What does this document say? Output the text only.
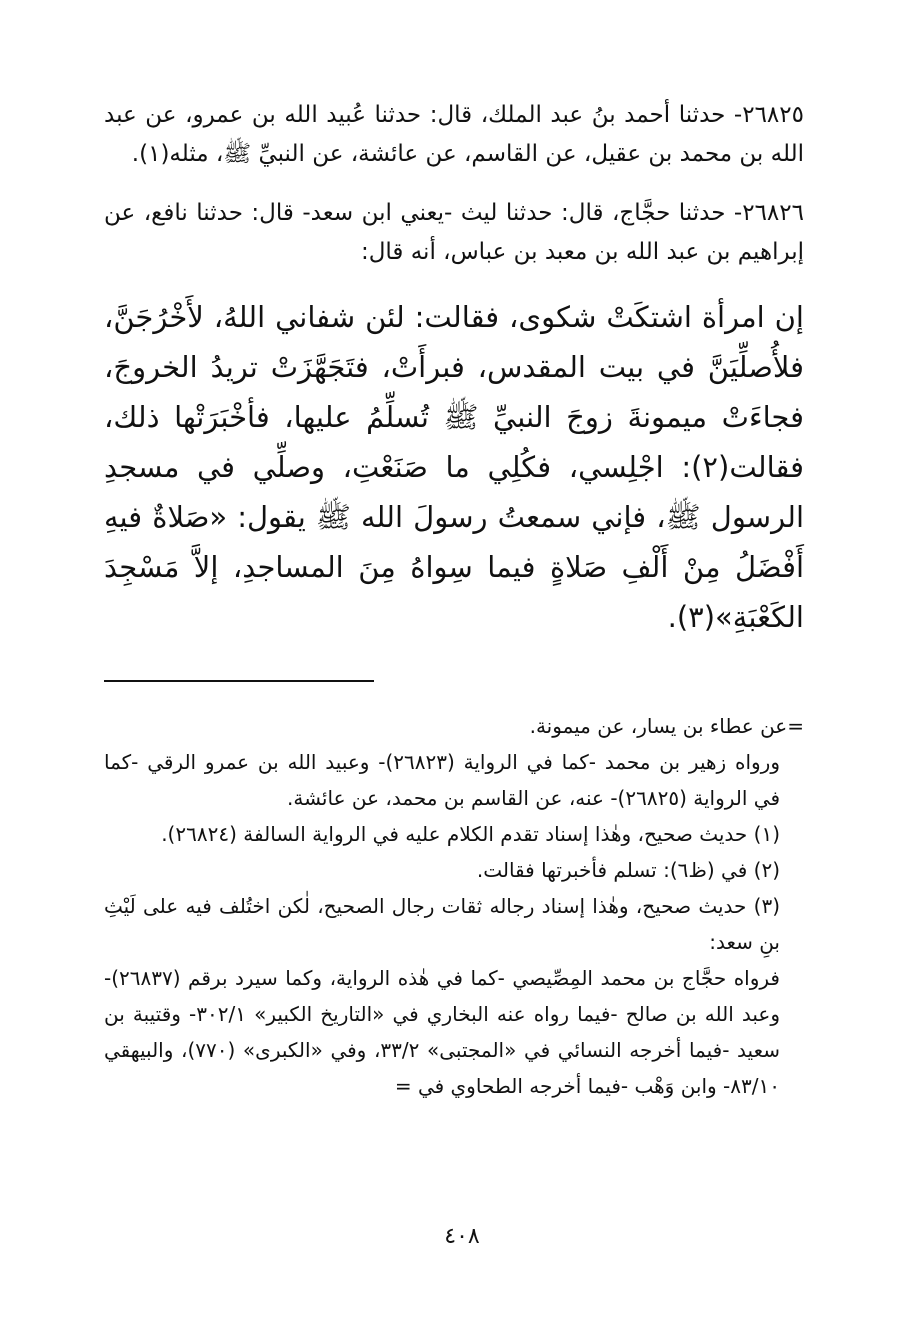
٢٦٨٢٥- حدثنا أحمد بنُ عبد الملك، قال: حدثنا عُبيد الله بن عمرو، عن عبد الله بن محمد بن عقيل، عن القاسم، عن عائشة، عن النبيِّ ﷺ، مثله(١).

٢٦٨٢٦- حدثنا حجَّاج، قال: حدثنا ليث -يعني ابن سعد- قال: حدثنا نافع، عن إبراهيم بن عبد الله بن معبد بن عباس، أنه قال:

إن امرأة اشتكَتْ شكوى، فقالت: لئن شفاني اللهُ، لأَخْرُجَنَّ، فلأُصلِّيَنَّ في بيت المقدس، فبرأَتْ، فتَجَهَّزَتْ تريدُ الخروجَ، فجاءَتْ ميمونةَ زوجَ النبيِّ ﷺ تُسلِّمُ عليها، فأخْبَرَتْها ذلك، فقالت(٢): اجْلِسي، فكُلِي ما صَنَعْتِ، وصلِّي في مسجدِ الرسول ﷺ، فإني سمعتُ رسولَ الله ﷺ يقول: «صَلاةٌ فيهِ أَفْضَلُ مِنْ أَلْفِ صَلاةٍ فيما سِواهُ مِنَ المساجدِ، إلاَّ مَسْجِدَ الكَعْبَةِ»(٣).

=عن عطاء بن يسار، عن ميمونة.

ورواه زهير بن محمد -كما في الرواية (٢٦٨٢٣)- وعبيد الله بن عمرو الرقي -كما في الرواية (٢٦٨٢٥)- عنه، عن القاسم بن محمد، عن عائشة.

(١) حديث صحيح، وهٰذا إسناد تقدم الكلام عليه في الرواية السالفة (٢٦٨٢٤).

(٢) في (ظ٦): تسلم فأخبرتها فقالت.

(٣) حديث صحيح، وهٰذا إسناد رجاله ثقات رجال الصحيح، لٰكن اختُلف فيه على لَيْثِ بنِ سعد:

فرواه حجَّاج بن محمد المِصِّيصي -كما في هٰذه الرواية، وكما سيرد برقم (٢٦٨٣٧)- وعبد الله بن صالح -فيما رواه عنه البخاري في «التاريخ الكبير» ٣٠٢/١- وقتيبة بن سعيد -فيما أخرجه النسائي في «المجتبى» ٣٣/٢، وفي «الكبرى» (٧٧٠)، والبيهقي ٨٣/١٠- وابن وَهْب -فيما أخرجه الطحاوي في =

٤٠٨
